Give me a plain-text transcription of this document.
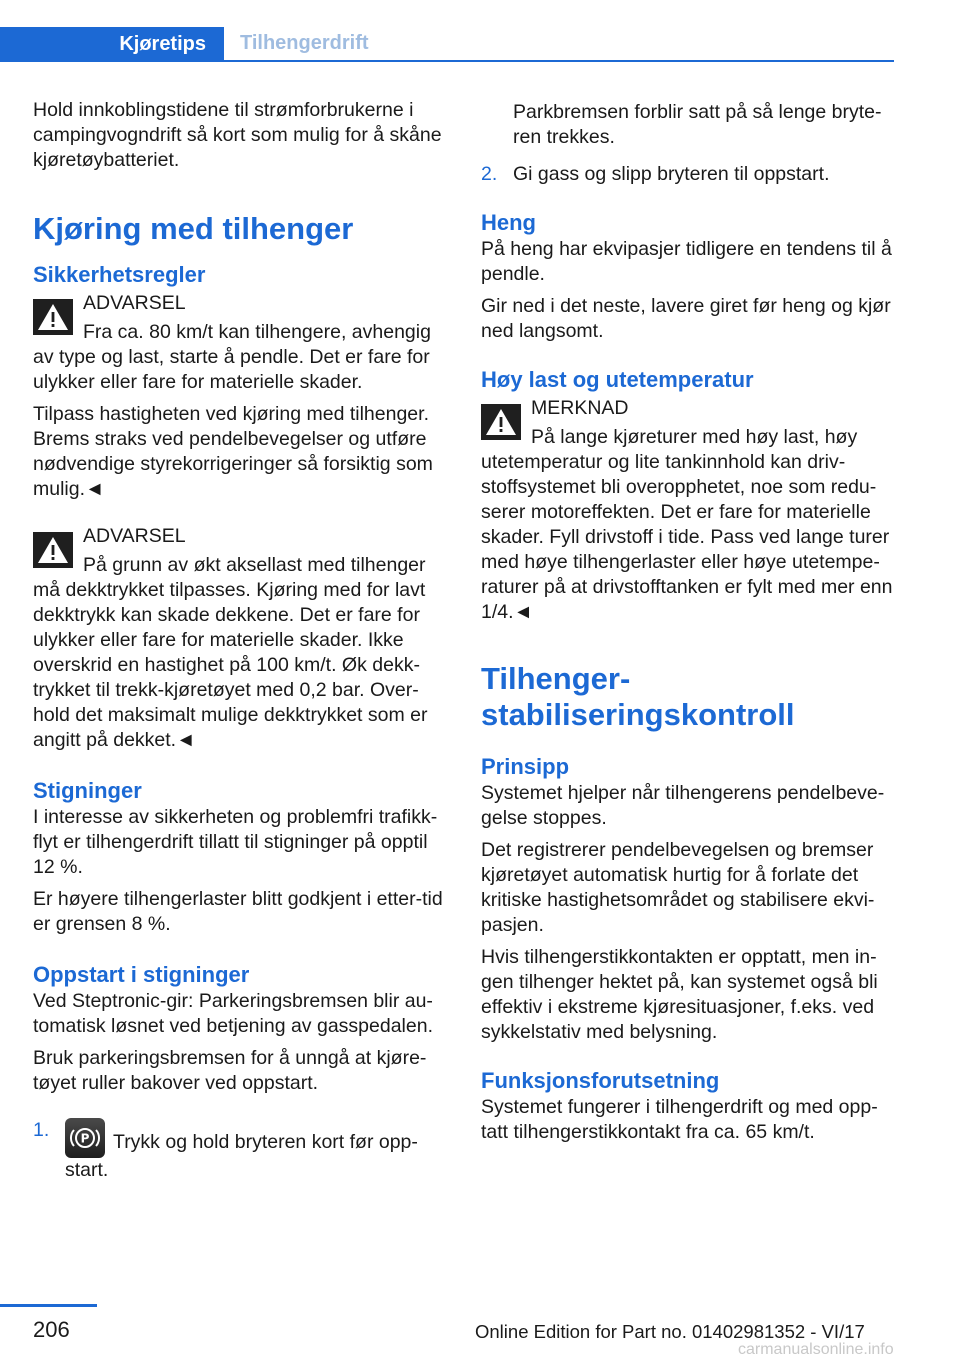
Kjøretips	Tilhengerdrift

Hold innkoblingstidene til strømforbrukerne i campingvogndrift så kort som mulig for å skåne kjøretøybatteriet.

Kjøring med tilhenger
Sikkerhetsregler

ADVARSEL

Fra ca. 80 km/t kan tilhengere, avhengig

av type og last, starte å pendle. Det er fare for ulykker eller fare for materielle skader.

Tilpass hastigheten ved kjøring med tilhenger. Brems straks ved pendelbevegelser og utføre nødvendige styrekorrigeringer så forsiktig som mulig.◄

ADVARSEL

På grunn av økt aksellast med tilhenger

må dekktrykket tilpasses. Kjøring med for lavt dekktrykk kan skade dekkene. Det er fare for ulykker eller fare for materielle skader. Ikke overskrid en hastighet på 100 km/t. Øk dekk-trykket til trekk-kjøretøyet med 0,2 bar. Over-hold det maksimalt mulige dekktrykket som er angitt på dekket.◄

Stigninger

I interesse av sikkerheten og problemfri trafikk-flyt er tilhengerdrift tillatt til stigninger på opptil 12 %.

Er høyere tilhengerlaster blitt godkjent i etter-tid er grensen 8 %.

Oppstart i stigninger

Ved Steptronic-gir: Parkeringsbremsen blir au-tomatisk løsnet ved betjening av gasspedalen.

Bruk parkeringsbremsen for å unngå at kjøre-tøyet ruller bakover ved oppstart.

1.	P Trykk og hold bryteren kort før opp-start.

Parkbremsen forblir satt på så lenge bryte-ren trekkes.

2. Gi gass og slipp bryteren til oppstart.

Heng

På heng har ekvipasjer tidligere en tendens til å pendle.

Gir ned i det neste, lavere giret før heng og kjør ned langsomt.

Høy last og utetemperatur

MERKNAD

På lange kjøreturer med høy last, høy

utetemperatur og lite tankinnhold kan driv-stoffsystemet bli overopphetet, noe som redu-serer motoreffekten. Det er fare for materielle skader. Fyll drivstoff i tide. Pass ved lange turer med høye tilhengerlaster eller høye utetempe-raturer på at drivstofftanken er fylt med mer enn 1/4.◄

Tilhenger-
stabiliseringskontroll
Prinsipp

Systemet hjelper når tilhengerens pendelbeve-gelse stoppes.

Det registrerer pendelbevegelsen og bremser kjøretøyet automatisk hurtig for å forlate det kritiske hastighetsområdet og stabilisere ekvi-pasjen.

Hvis tilhengerstikkontakten er opptatt, men in-gen tilhenger hektet på, kan systemet også bli effektiv i ekstreme kjøresituasjoner, f.eks. ved sykkelstativ med belysning.

Funksjonsforutsetning

Systemet fungerer i tilhengerdrift og med opp-tatt tilhengerstikkontakt fra ca. 65 km/t.

206	Online Edition for Part no. 01402981352 - VI/17
carmanualsonline.info
